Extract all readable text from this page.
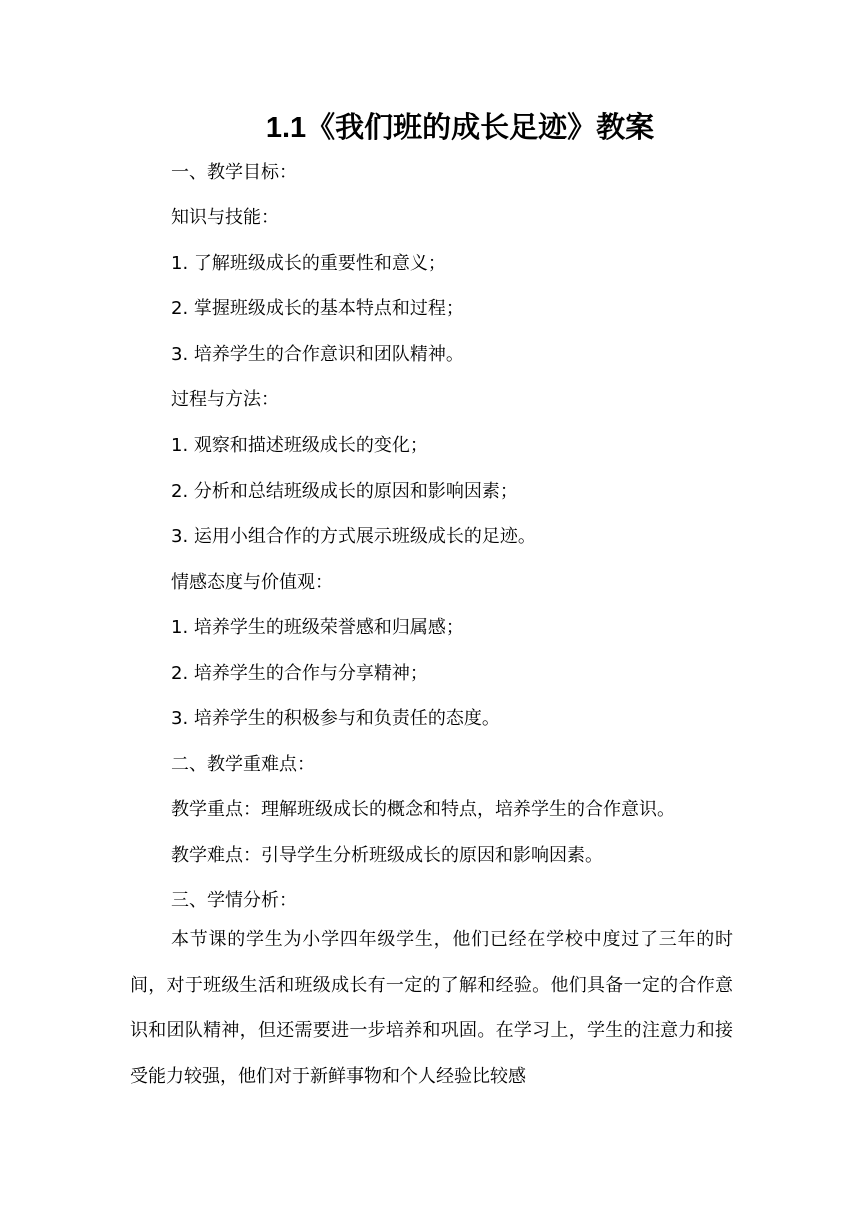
1.1《我们班的成长足迹》教案
一、教学目标：
知识与技能：
1. 了解班级成长的重要性和意义；
2. 掌握班级成长的基本特点和过程；
3. 培养学生的合作意识和团队精神。
过程与方法：
1. 观察和描述班级成长的变化；
2. 分析和总结班级成长的原因和影响因素；
3. 运用小组合作的方式展示班级成长的足迹。
情感态度与价值观：
1. 培养学生的班级荣誉感和归属感；
2. 培养学生的合作与分享精神；
3. 培养学生的积极参与和负责任的态度。
二、教学重难点：
教学重点：理解班级成长的概念和特点，培养学生的合作意识。
教学难点：引导学生分析班级成长的原因和影响因素。
三、学情分析：
本节课的学生为小学四年级学生，他们已经在学校中度过了三年的时间，对于班级生活和班级成长有一定的了解和经验。他们具备一定的合作意识和团队精神，但还需要进一步培养和巩固。在学习上，学生的注意力和接受能力较强，他们对于新鲜事物和个人经验比较感
